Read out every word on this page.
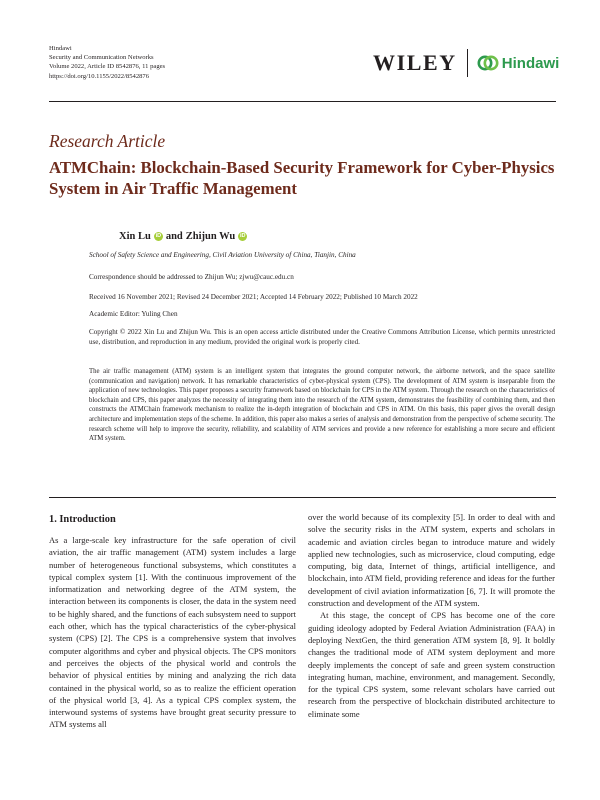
Hindawi
Security and Communication Networks
Volume 2022, Article ID 8542876, 11 pages
https://doi.org/10.1155/2022/8542876
WILEY	Hindawi
Research Article
ATMChain: Blockchain-Based Security Framework for Cyber-Physics System in Air Traffic Management
Xin Lu iD and Zhijun Wu iD
School of Safety Science and Engineering, Civil Aviation University of China, Tianjin, China
Correspondence should be addressed to Zhijun Wu; zjwu@cauc.edu.cn
Received 16 November 2021; Revised 24 December 2021; Accepted 14 February 2022; Published 10 March 2022
Academic Editor: Yuling Chen
Copyright © 2022 Xin Lu and Zhijun Wu. This is an open access article distributed under the Creative Commons Attribution License, which permits unrestricted use, distribution, and reproduction in any medium, provided the original work is properly cited.
The air traffic management (ATM) system is an intelligent system that integrates the ground computer network, the airborne network, and the space satellite (communication and navigation) network. It has remarkable characteristics of cyber-physical system (CPS). The development of ATM system is inseparable from the application of new technologies. This paper proposes a security framework based on blockchain for CPS in the ATM system. Through the research on the characteristics of blockchain and CPS, this paper analyzes the necessity of integrating them into the research of the ATM system, demonstrates the feasibility of combining them, and then constructs the ATMChain framework mechanism to realize the in-depth integration of blockchain and CPS in ATM. On this basis, this paper gives the overall design architecture and implementation steps of the scheme. In addition, this paper also makes a series of analysis and demonstration from the perspective of scheme security. The research scheme will help to improve the security, reliability, and scalability of ATM services and provide a new reference for establishing a more secure and efficient ATM system.
1. Introduction

As a large-scale key infrastructure for the safe operation of civil aviation, the air traffic management (ATM) system includes a large number of heterogeneous functional subsystems, which constitutes a typical complex system [1]. With the continuous improvement of the informatization and networking degree of the ATM system, the interaction between its components is closer, the data in the system need to be highly shared, and the functions of each subsystem need to support each other, which has the typical characteristics of the cyber-physical system (CPS) [2]. The CPS is a comprehensive system that involves computer algorithms and cyber and physical objects. The CPS monitors and perceives the objects of the physical world and controls the behavior of physical entities by mining and analyzing the rich data contained in the physical world, so as to realize the efficient operation of the physical world [3, 4]. As a typical CPS complex system, the interwound systems of systems have brought great security pressure to ATM systems all

over the world because of its complexity [5]. In order to deal with and solve the security risks in the ATM system, experts and scholars in academic and aviation circles began to introduce mature and widely applied new technologies, such as microservice, cloud computing, edge computing, big data, Internet of things, artificial intelligence, and blockchain, into ATM field, providing reference and ideas for the further development of civil aviation informatization [6, 7]. It will promote the construction and development of the ATM system.

At this stage, the concept of CPS has become one of the core guiding ideology adopted by Federal Aviation Administration (FAA) in deploying NextGen, the third generation ATM system [8, 9]. It boldly changes the traditional mode of ATM system deployment and more deeply implements the concept of safe and green system construction integrating human, machine, environment, and management. Secondly, for the typical CPS system, some relevant scholars have carried out research from the perspective of blockchain distributed architecture to eliminate some
